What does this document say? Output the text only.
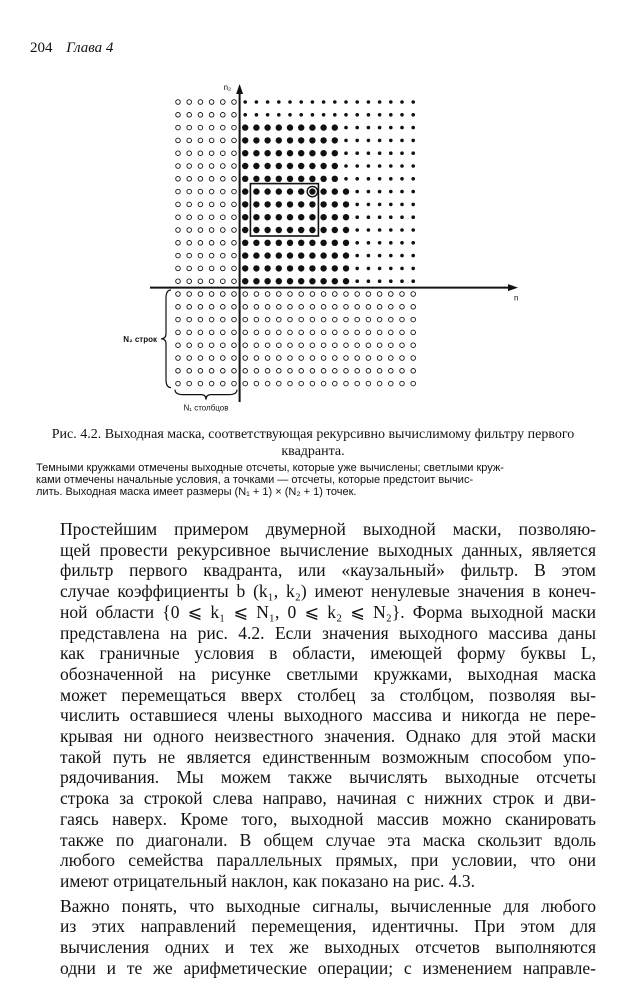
204 Глава 4
n₂
n
N₂ строк
N₁ столбцов
Рис. 4.2. Выходная маска, соответствующая рекурсивно вычислимому фильтру первого квадранта.
Темными кружками отмечены выходные отсчеты, которые уже вычислены; светлыми круж-
ками отмечены начальные условия, а точками — отсчеты, которые предстоит вычис-
лить. Выходная маска имеет размеры (N₁ + 1) × (N₂ + 1) точек.
Простейшим примером двумерной выходной маски, позволяю-
щей провести рекурсивное вычисление выходных данных, является
фильтр первого квадранта, или «каузальный» фильтр. В этом
случае коэффициенты b (k₁, k₂) имеют ненулевые значения в конеч-
ной области {0 ⩽ k₁ ⩽ N₁, 0 ⩽ k₂ ⩽ N₂}. Форма выходной маски
представлена на рис. 4.2. Если значения выходного массива даны
как граничные условия в области, имеющей форму буквы L,
обозначенной на рисунке светлыми кружками, выходная маска
может перемещаться вверх столбец за столбцом, позволяя вы-
числить оставшиеся члены выходного массива и никогда не пере-
крывая ни одного неизвестного значения. Однако для этой маски
такой путь не является единственным возможным способом упо-
рядочивания. Мы можем также вычислять выходные отсчеты
строка за строкой слева направо, начиная с нижних строк и дви-
гаясь наверх. Кроме того, выходной массив можно сканировать
также по диагонали. В общем случае эта маска скользит вдоль
любого семейства параллельных прямых, при условии, что они
имеют отрицательный наклон, как показано на рис. 4.3.
Важно понять, что выходные сигналы, вычисленные для любого
из этих направлений перемещения, идентичны. При этом для
вычисления одних и тех же выходных отсчетов выполняются
одни и те же арифметические операции; с изменением направле-
